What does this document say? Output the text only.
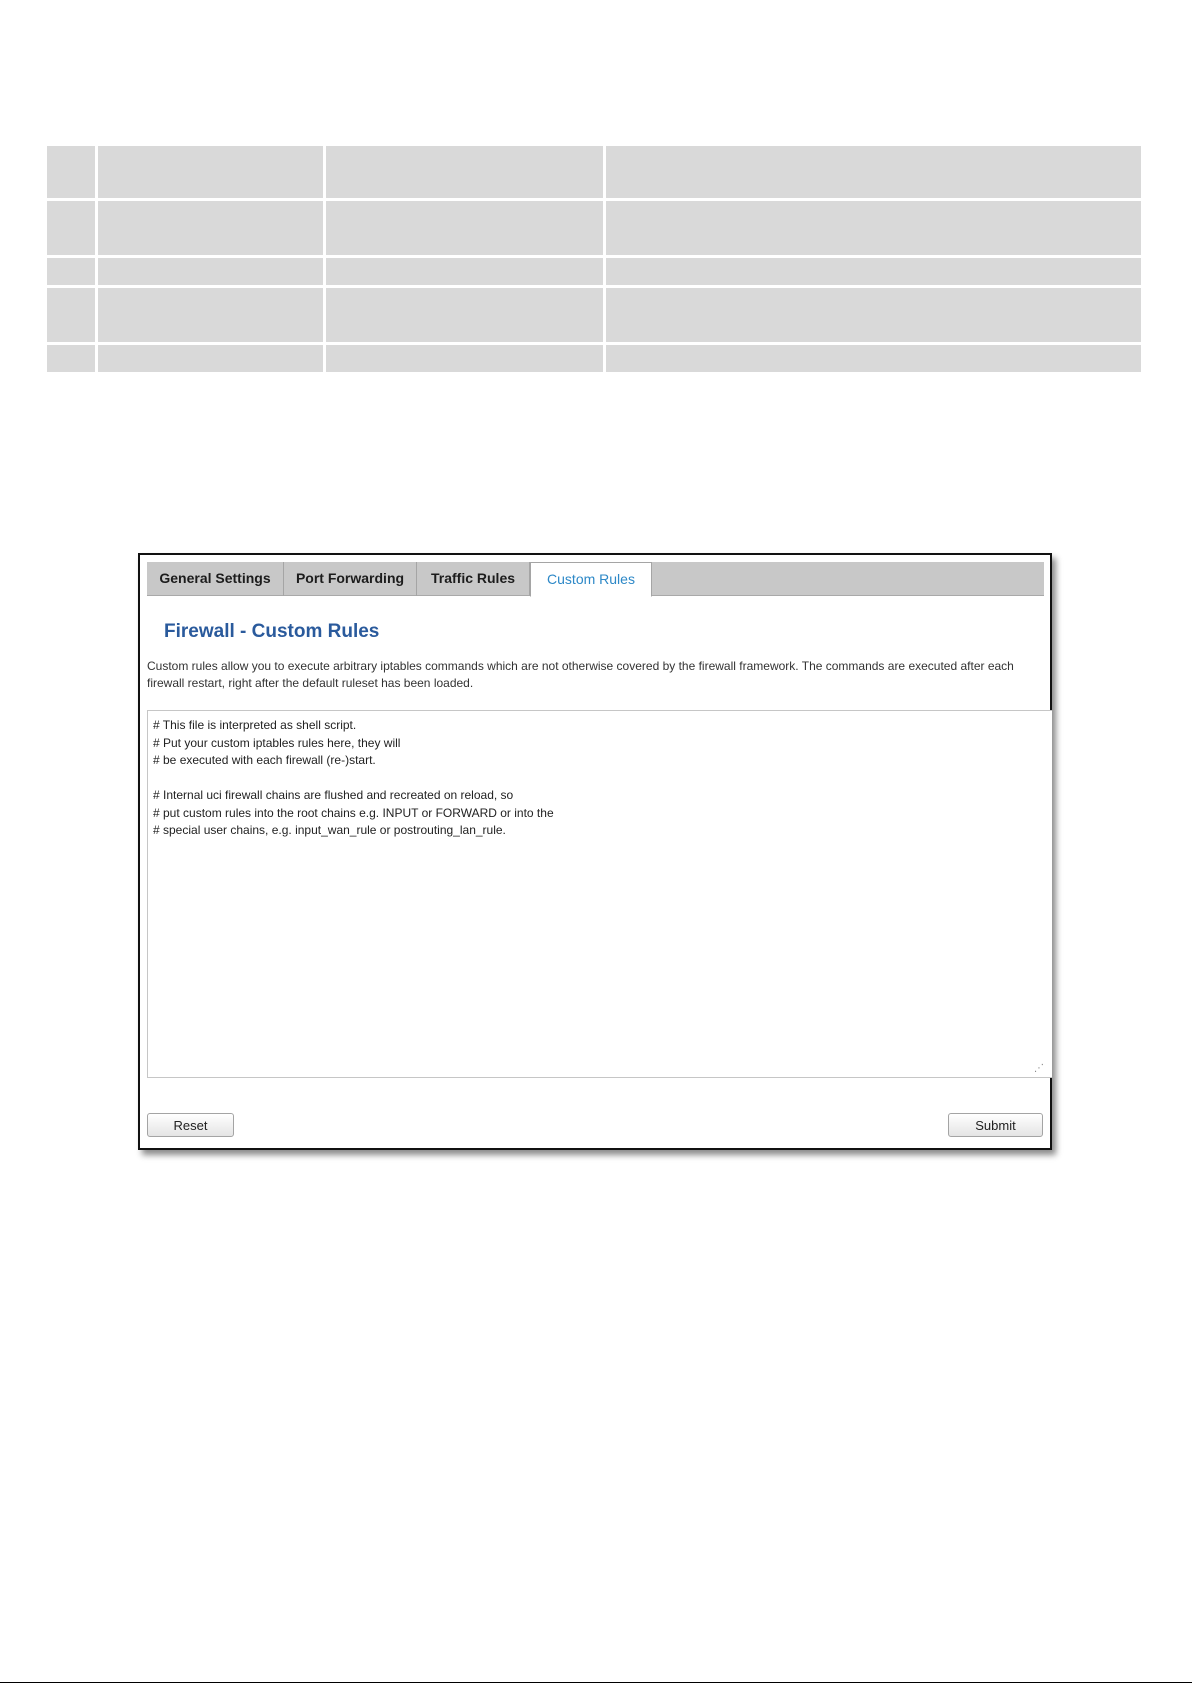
General Settings	Port Forwarding	Traffic Rules	Custom Rules
Firewall - Custom Rules

Custom rules allow you to execute arbitrary iptables commands which are not otherwise covered by the firewall framework. The commands are executed after each firewall restart, right after the default ruleset has been loaded.

# This file is interpreted as shell script. # Put your custom iptables rules here, they will # be executed with each firewall (re-)start. # Internal uci firewall chains are flushed and recreated on reload, so # put custom rules into the root chains e.g. INPUT or FORWARD or into the # special user chains, e.g. input_wan_rule or postrouting_lan_rule.
⋰
Reset	Submit
